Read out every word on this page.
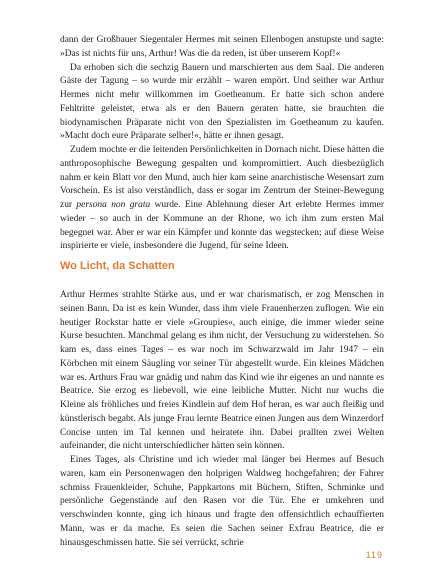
dann der Großbauer Siegentaler Hermes mit seinen Ellenbogen anstupste und sagte: »Das ist nichts für uns, Arthur! Was die da reden, ist über unserem Kopf!«

Da erhoben sich die sechzig Bauern und marschierten aus dem Saal. Die anderen Gäste der Tagung – so wurde mir erzählt – waren empört. Und seither war Arthur Hermes nicht mehr willkommen im Goetheanum. Er hatte sich schon andere Fehltritte geleistet, etwa als er den Bauern geraten hatte, sie brauchten die biodynamischen Präparate nicht von den Spezialisten im Goetheanum zu kaufen. »Macht doch eure Präparate selber!«, hätte er ihnen gesagt.

Zudem mochte er die leitenden Persönlichkeiten in Dornach nicht. Diese hätten die anthroposophische Bewegung gespalten und kompromittiert. Auch diesbezüglich nahm er kein Blatt vor den Mund, auch hier kam seine anarchistische Wesensart zum Vorschein. Es ist also verständlich, dass er sogar im Zentrum der Steiner-Bewegung zur persona non grata wurde. Eine Ablehnung dieser Art erlebte Hermes immer wieder – so auch in der Kommune an der Rhone, wo ich ihm zum ersten Mal begegnet war. Aber er war ein Kämpfer und konnte das wegstecken; auf diese Weise inspirierte er viele, insbesondere die Jugend, für seine Ideen.

Wo Licht, da Schatten

Arthur Hermes strahlte Stärke aus, und er war charismatisch, er zog Menschen in seinen Bann. Da ist es kein Wunder, dass ihm viele Frauenherzen zuflogen. Wie ein heutiger Rockstar hatte er viele »Groupies«, auch einige, die immer wieder seine Kurse besuchten. Manchmal gelang es ihm nicht, der Versuchung zu widerstehen. So kam es, dass eines Tages – es war noch im Schwarzwald im Jahr 1947 – ein Körbchen mit einem Säugling vor seiner Tür abgestellt wurde. Ein kleines Mädchen war es. Arthurs Frau war gnädig und nahm das Kind wie ihr eigenes an und nannte es Beatrice. Sie erzog es liebevoll, wie eine leibliche Mutter. Nicht nur wuchs die Kleine als fröhliches und freies Kindlein auf dem Hof heran, es war auch fleißig und künstlerisch begabt. Als junge Frau lernte Beatrice einen Jungen aus dem Winzerdorf Concise unten im Tal kennen und heiratete ihn. Dabei prallten zwei Welten aufeinander, die nicht unterschiedlicher hätten sein können.

Eines Tages, als Christine und ich wieder mal länger bei Hermes auf Besuch waren, kam ein Personenwagen den holprigen Waldweg hochgefahren; der Fahrer schmiss Frauenkleider, Schuhe, Pappkartons mit Büchern, Stiften, Schminke und persönliche Gegenstände auf den Rasen vor die Tür. Ehe er umkehren und verschwinden konnte, ging ich hinaus und fragte den offensichtlich echauffierten Mann, was er da mache. Es seien die Sachen seiner Exfrau Beatrice, die er hinausgeschmissen hatte. Sie sei verrückt, schrie

119
